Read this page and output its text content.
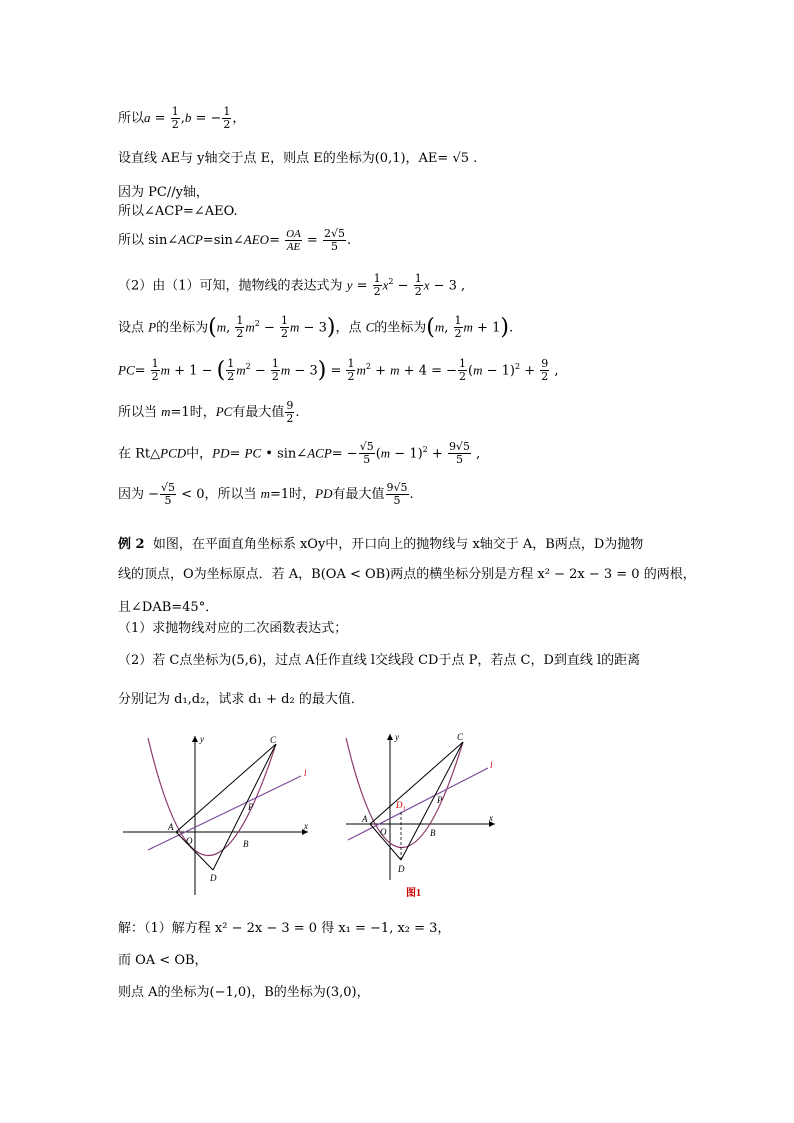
所以$a = \frac{1}{2} ,b$ = − $\frac{1}{2}$ ，
设直线 AE与 y轴交于点 E，则点 E的坐标为(0,1)，AE= √5 .
因为 PC//y轴，
所以∠ACP=∠AEO.
所以 sin∠ACP=sin∠AEO= $\frac{OA}{AE} = \frac{2√5}{5}$ .
（2）由（1）可知，抛物线的表达式为 $y = \frac{1}{2} x^2 - \frac{1}{2}$ x − 3 ,
设点 P的坐标为(m, $\frac{1}{2} m^2 - \frac{1}{2}$ m − 3)，点 C的坐标为(m, $\frac{1}{2}$ m + 1).
$PC= \frac{1}{2}$ m + 1 − ( $\frac{1}{2} m^2 - \frac{1}{2}$ $m - 3) = \frac{1}{2} m^2 + m + 4$ = − $\frac{1}{2} (m - 1)^2 + \frac{9}{2}$ ,
所以当 m=1时，PC有最大值 $\frac{9}{2}$ .
在 Rt△PCD中，PD= PC • sin∠ACP= − $\frac{√5}{5} (m - 1)^2 + \frac{9√5}{5}$ ,
因为 − $\frac{√5}{5} < 0$，所以当 m=1时，PD有最大值 $\frac{9√5}{5}$ .
例 2 如图，在平面直角坐标系 xOy中，开口向上的抛物线与 x轴交于 A，B两点，D为抛物
线的顶点，O为坐标原点．若 A，B(OA < OB)两点的横坐标分别是方程 x² − 2x − 3 = 0 的两根，
且∠DAB=45°．
（1）求抛物线对应的二次函数表达式；
（2）若 C点坐标为(5,6)，过点 A任作直线 l交线段 CD于点 P，若点 C，D到直线 l的距离
分别记为 d₁,d₂，试求 d₁ + d₂ 的最大值．
y
x
C
l
P
A
O	B
D
y
x
C
l
P
D₁
A
O	B
D
图1
解：（1）解方程 x² − 2x − 3 = 0 得 x₁ = −1, x₂ = 3，
而 OA < OB，
则点 A的坐标为(−1,0)，B的坐标为(3,0)，
